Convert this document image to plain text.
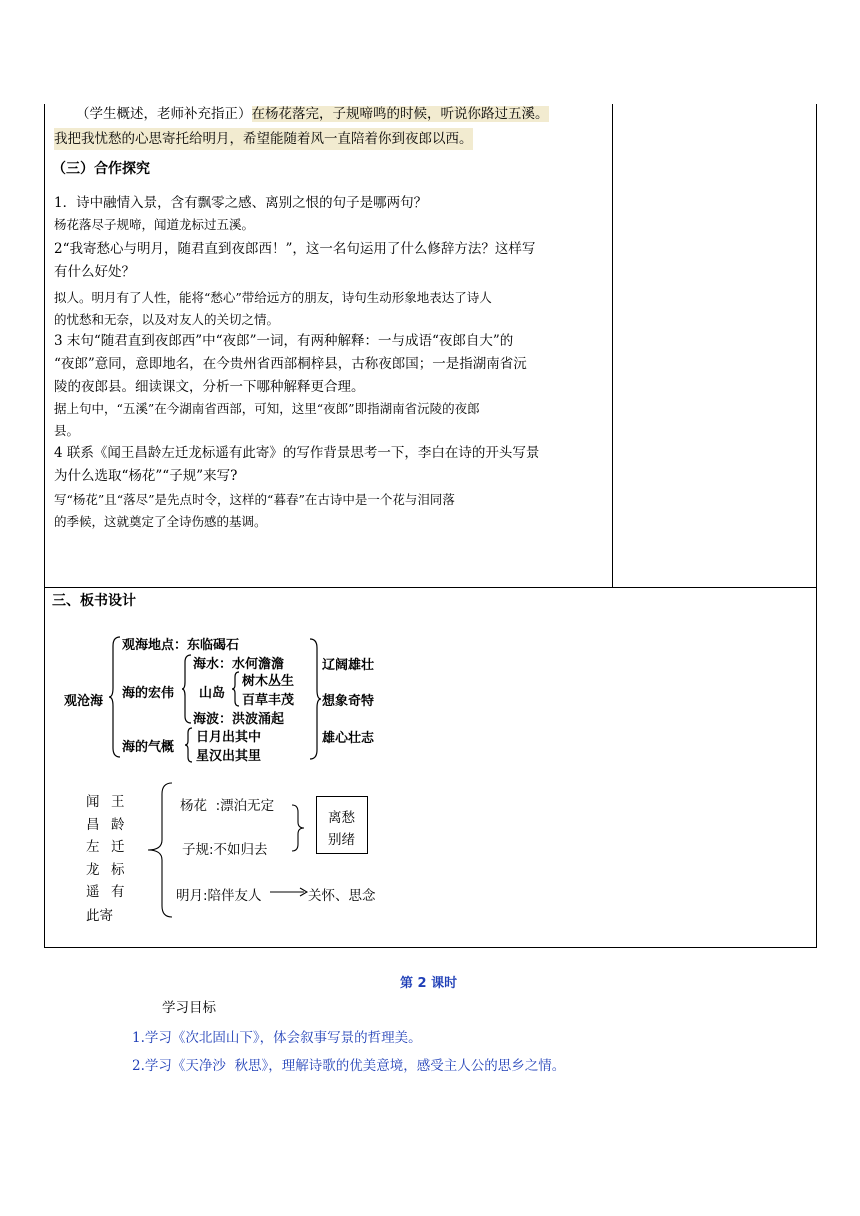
（学生概述，老师补充指正）在杨花落完，子规啼鸣的时候，听说你路过五溪。
我把我忧愁的心思寄托给明月，希望能随着风一直陪着你到夜郎以西。
（三）合作探究
1．诗中融情入景，含有飘零之感、离别之恨的句子是哪两句？
杨花落尽子规啼，闻道龙标过五溪。
2“我寄愁心与明月，随君直到夜郎西！”，这一名句运用了什么修辞方法？这样写
有什么好处？
拟人。明月有了人性，能将“愁心”带给远方的朋友，诗句生动形象地表达了诗人
的忧愁和无奈，以及对友人的关切之情。
3 末句“随君直到夜郎西”中“夜郎”一词，有两种解释：一与成语“夜郎自大”的
“夜郎”意同，意即地名，在今贵州省西部桐梓县，古称夜郎国；一是指湖南省沅
陵的夜郎县。细读课文，分析一下哪种解释更合理。
据上句中，“五溪”在今湖南省西部，可知，这里“夜郎”即指湖南省沅陵的夜郎
县。
4 联系《闻王昌龄左迁龙标遥有此寄》的写作背景思考一下，李白在诗的开头写景
为什么选取“杨花”“子规”来写?
写“杨花”且“落尽”是先点时令，这样的“暮春”在古诗中是一个花与泪同落
的季候，这就奠定了全诗伤感的基调。
三、板书设计
观沧海
观海地点：东临碣石
海的宏伟
海水：水何澹澹
山岛
树木丛生
百草丰茂
海波：洪波涌起
海的气概
日月出其中
星汉出其里
辽阔雄壮
想象奇特
雄心壮志
闻
昌
左
龙
遥
王
龄
迁
标
有
此寄
杨花  :漂泊无定
子规:不如归去
离愁
别绪
明月:陪伴友人	关怀、思念
第 2 课时
学习目标
1.学习《次北固山下》，体会叙事写景的哲理美。
2.学习《天净沙  秋思》，理解诗歌的优美意境，感受主人公的思乡之情。
